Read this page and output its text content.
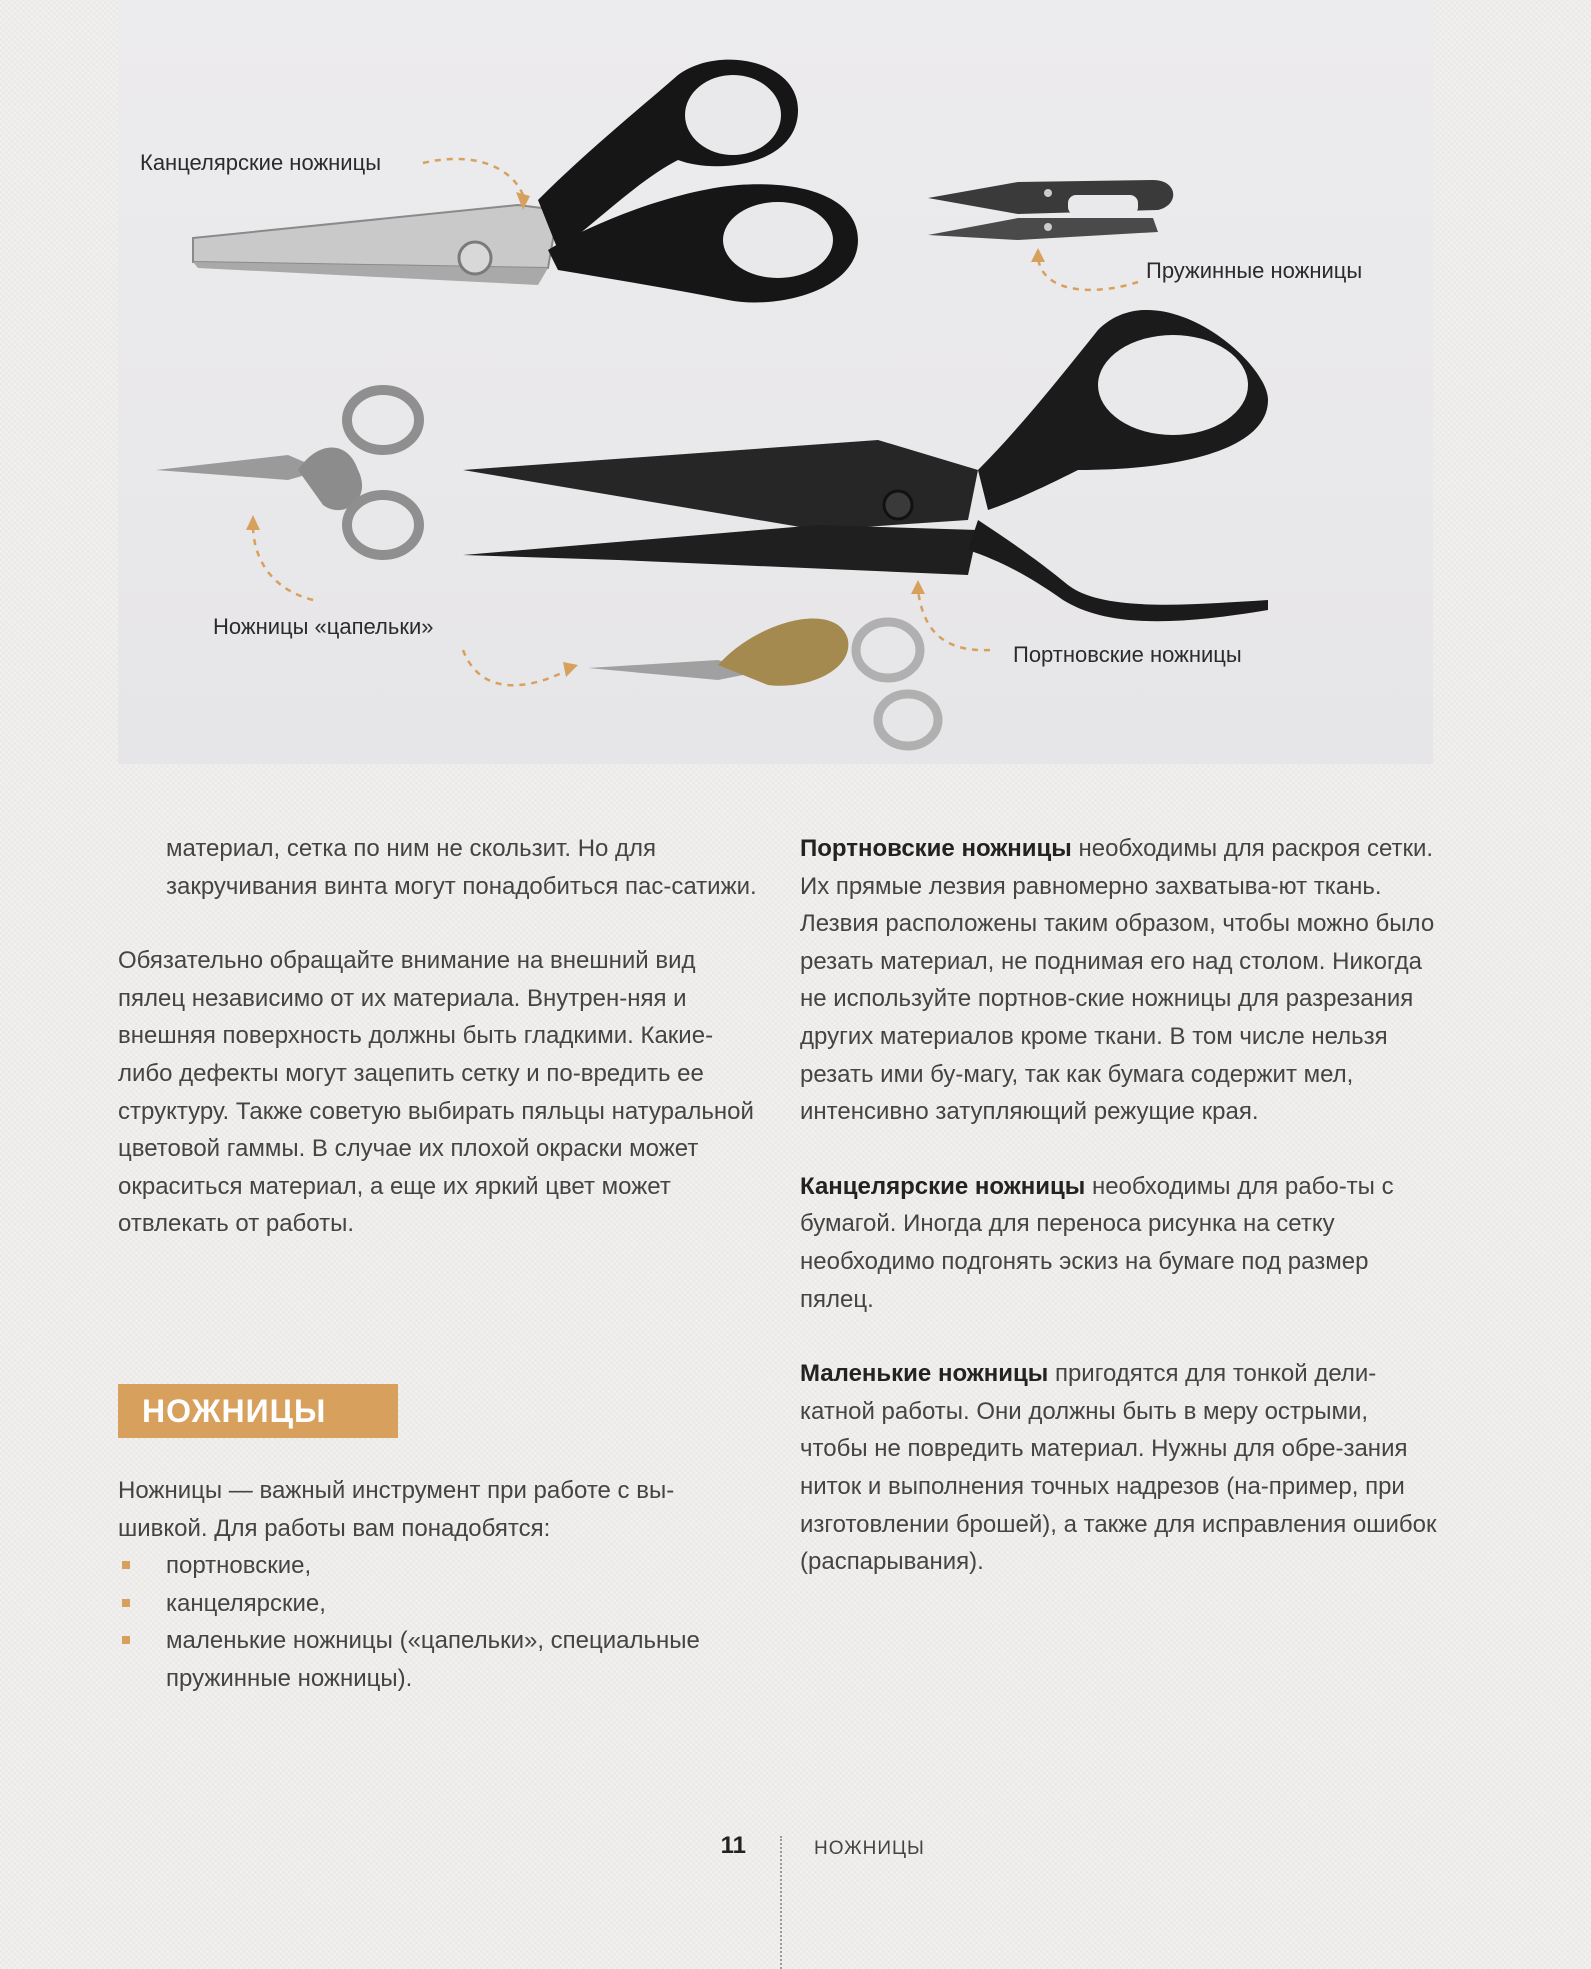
Канцелярские ножницы
Пружинные ножницы
Ножницы «цапельки»
Портновские ножницы

материал, сетка по ним не скользит. Но для закручивания винта могут понадобиться пас-сатижи.

Обязательно обращайте внимание на внешний вид пялец независимо от их материала. Внутрен-няя и внешняя поверхность должны быть гладкими. Какие-либо дефекты могут зацепить сетку и по-вредить ее структуру. Также советую выбирать пяльцы натуральной цветовой гаммы. В случае их плохой окраски может окраситься материал, а еще их яркий цвет может отвлекать от работы.

НОЖНИЦЫ

Ножницы — важный инструмент при работе с вы-шивкой. Для работы вам понадобятся:

портновские,
канцелярские,
маленькие ножницы («цапельки», специальные пружинные ножницы).

Портновские ножницы необходимы для раскроя сетки. Их прямые лезвия равномерно захватыва-ют ткань. Лезвия расположены таким образом, чтобы можно было резать материал, не поднимая его над столом. Никогда не используйте портнов-ские ножницы для разрезания других материалов кроме ткани. В том числе нельзя резать ими бу-магу, так как бумага содержит мел, интенсивно затупляющий режущие края.

Канцелярские ножницы необходимы для рабо-ты с бумагой. Иногда для переноса рисунка на сетку необходимо подгонять эскиз на бумаге под размер пялец.

Маленькие ножницы пригодятся для тонкой дели-катной работы. Они должны быть в меру острыми, чтобы не повредить материал. Нужны для обре-зания ниток и выполнения точных надрезов (на-пример, при изготовлении брошей), а также для исправления ошибок (распарывания).

11	НОЖНИЦЫ
